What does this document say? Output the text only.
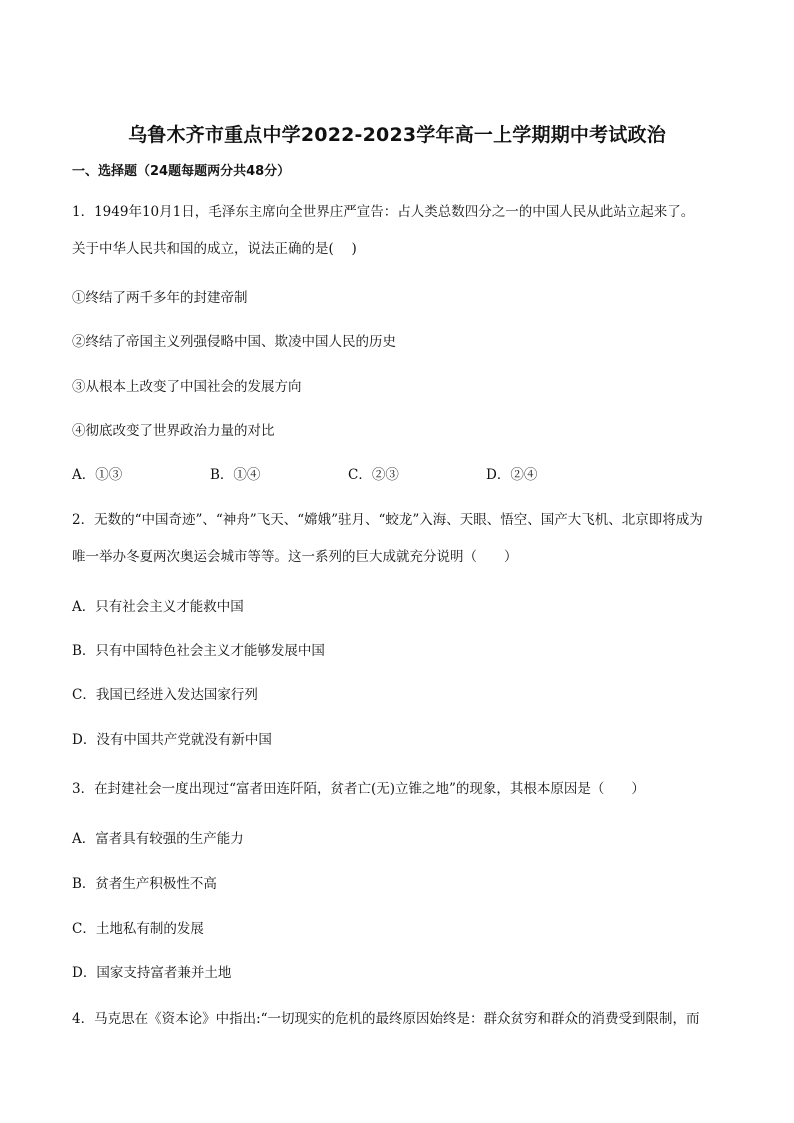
乌鲁木齐市重点中学2022-2023学年高一上学期期中考试政治
一、选择题（24题每题两分共48分）
1．1949年10月1日，毛泽东主席向全世界庄严宣告：占人类总数四分之一的中国人民从此站立起来了。
关于中华人民共和国的成立，说法正确的是(　 )
①终结了两千多年的封建帝制
②终结了帝国主义列强侵略中国、欺凌中国人民的历史
③从根本上改变了中国社会的发展方向
④彻底改变了世界政治力量的对比
A．①③	B．①④	C．②③	D．②④
2．无数的“中国奇迹”、“神舟”飞天、“嫦娥”驻月、“蛟龙”入海、天眼、悟空、国产大飞机、北京即将成为
唯一举办冬夏两次奥运会城市等等。这一系列的巨大成就充分说明（　　）
A．只有社会主义才能救中国
B．只有中国特色社会主义才能够发展中国
C．我国已经进入发达国家行列
D．没有中国共产党就没有新中国
3．在封建社会一度出现过“富者田连阡陌，贫者亡(无)立锥之地”的现象，其根本原因是（　　）
A．富者具有较强的生产能力
B．贫者生产积极性不高
C．土地私有制的发展
D．国家支持富者兼并土地
4．马克思在《资本论》中指出:“一切现实的危机的最终原因始终是：群众贫穷和群众的消费受到限制，而
